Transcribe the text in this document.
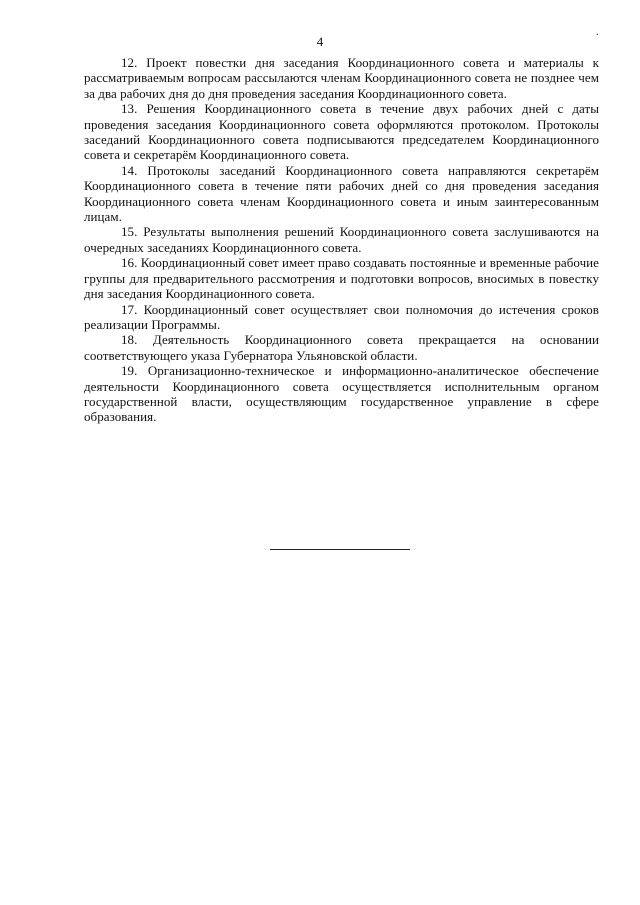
4
.

12. Проект повестки дня заседания Координационного совета и материалы к рассматриваемым вопросам рассылаются членам Координационного совета не позднее чем за два рабочих дня до дня проведения заседания Координационного совета.

13. Решения Координационного совета в течение двух рабочих дней с даты проведения заседания Координационного совета оформляются протоколом. Протоколы заседаний Координационного совета подписываются председателем Координационного совета и секретарём Координационного совета.

14. Протоколы заседаний Координационного совета направляются секретарём Координационного совета в течение пяти рабочих дней со дня проведения заседания Координационного совета членам Координационного совета и иным заинтересованным лицам.

15. Результаты выполнения решений Координационного совета заслушиваются на очередных заседаниях Координационного совета.

16. Координационный совет имеет право создавать постоянные и временные рабочие группы для предварительного рассмотрения и подготовки вопросов, вносимых в повестку дня заседания Координационного совета.

17. Координационный совет осуществляет свои полномочия до истечения сроков реализации Программы.

18. Деятельность Координационного совета прекращается на основании соответствующего указа Губернатора Ульяновской области.

19. Организационно-техническое и информационно-аналитическое обеспечение деятельности Координационного совета осуществляется исполнительным органом государственной власти, осуществляющим государственное управление в сфере образования.
